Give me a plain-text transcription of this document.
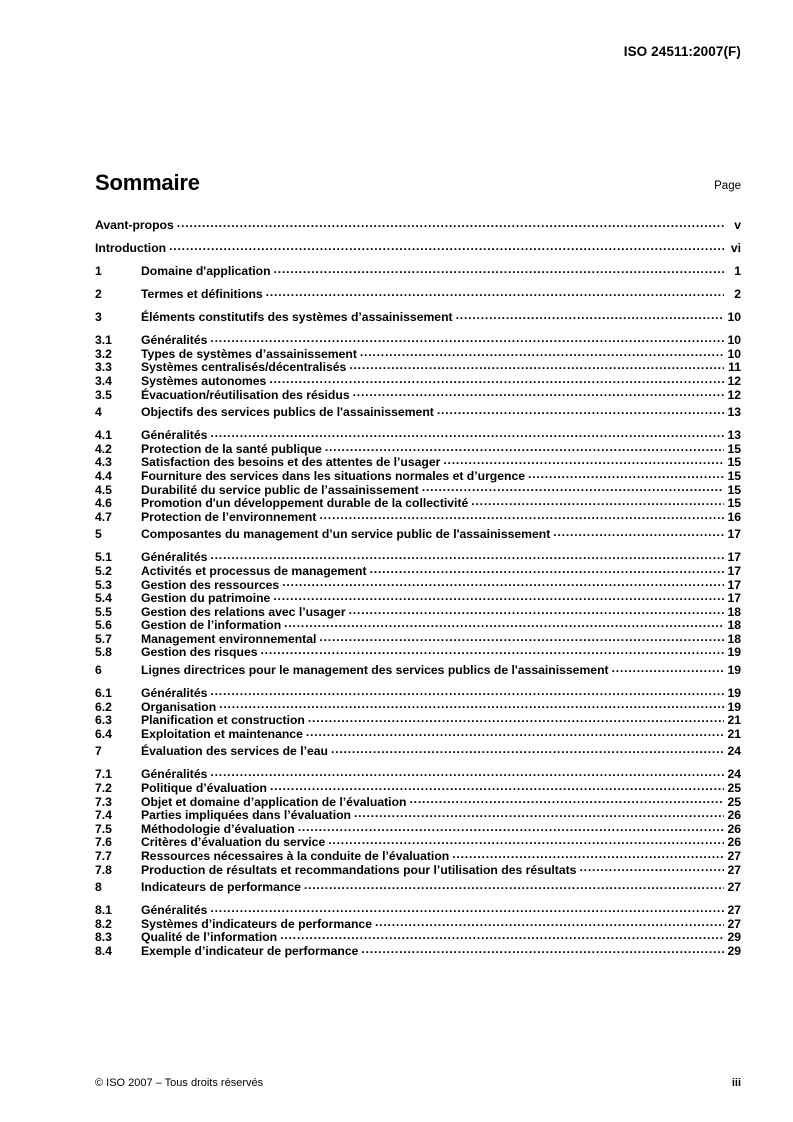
ISO 24511:2007(F)
Sommaire	Page
Avant-propos .....	v
Introduction .....	vi
1	Domaine d'application .....	1
2	Termes et définitions .....	2
3	Éléments constitutifs des systèmes d’assainissement .....	10
3.1	Généralités .....	10
3.2	Types de systèmes d’assainissement .....	10
3.3	Systèmes centralisés/décentralisés .....	11
3.4	Systèmes autonomes .....	12
3.5	Évacuation/réutilisation des résidus .....	12
4	Objectifs des services publics de l'assainissement .....	13
4.1	Généralités .....	13
4.2	Protection de la santé publique .....	15
4.3	Satisfaction des besoins et des attentes de l’usager .....	15
4.4	Fourniture des services dans les situations normales et d’urgence .....	15
4.5	Durabilité du service public de l’assainissement .....	15
4.6	Promotion d'un développement durable de la collectivité .....	15
4.7	Protection de l’environnement .....	16
5	Composantes du management d’un service public de l'assainissement .....	17
5.1	Généralités .....	17
5.2	Activités et processus de management .....	17
5.3	Gestion des ressources .....	17
5.4	Gestion du patrimoine .....	17
5.5	Gestion des relations avec l’usager .....	18
5.6	Gestion de l’information .....	18
5.7	Management environnemental .....	18
5.8	Gestion des risques .....	19
6	Lignes directrices pour le management des services publics de l'assainissement .....	19
6.1	Généralités .....	19
6.2	Organisation .....	19
6.3	Planification et construction .....	21
6.4	Exploitation et maintenance .....	21
7	Évaluation des services de l’eau .....	24
7.1	Généralités .....	24
7.2	Politique d’évaluation .....	25
7.3	Objet et domaine d’application de l’évaluation .....	25
7.4	Parties impliquées dans l’évaluation .....	26
7.5	Méthodologie d’évaluation .....	26
7.6	Critères d’évaluation du service .....	26
7.7	Ressources nécessaires à la conduite de l’évaluation .....	27
7.8	Production de résultats et recommandations pour l’utilisation des résultats .....	27
8	Indicateurs de performance .....	27
8.1	Généralités .....	27
8.2	Systèmes d’indicateurs de performance .....	27
8.3	Qualité de l’information .....	29
8.4	Exemple d’indicateur de performance .....	29
© ISO 2007 – Tous droits réservés	iii
